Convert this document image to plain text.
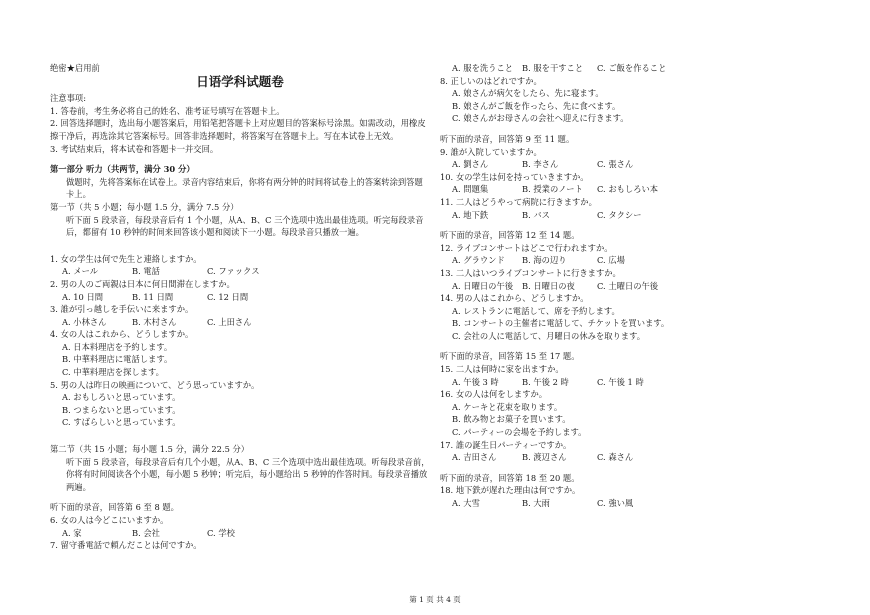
绝密★启用前
日语学科试题卷
注意事项:
1. 答卷前，考生务必将自己的姓名、准考证号填写在答题卡上。
2. 回答选择题时，选出每小题答案后，用铅笔把答题卡上对应题目的答案标号涂黑。如需改动，用橡皮擦干净后，再选涂其它答案标号。回答非选择题时，将答案写在答题卡上。写在本试卷上无效。
3. 考试结束后，将本试卷和答题卡一并交回。
第一部分 听力（共两节，满分 30 分）
做题时，先将答案标在试卷上。录音内容结束后，你将有两分钟的时间将试卷上的答案转涂到答题卡上。
第一节（共 5 小题；每小题 1.5 分，满分 7.5 分）
听下面 5 段录音，每段录音后有 1 个小题，从A、B、C 三个选项中选出最佳选项。听完每段录音后，都留有 10 秒钟的时间来回答该小题和阅读下一小题。每段录音只播放一遍。
1. 女の学生は何で先生と連絡しますか。
A. メール	B. 電話	C. ファックス
2. 男の人のご両親は日本に何日間滞在しますか。
A. 10 日間	B. 11 日間	C. 12 日間
3. 誰が引っ越しを手伝いに来ますか。
A. 小林さん	B. 木村さん	C. 上田さん
4. 女の人はこれから、どうしますか。
A. 日本料理店を予約します。
B. 中華料理店に電話します。
C. 中華料理店を探します。
5. 男の人は昨日の映画について、どう思っていますか。
A. おもしろいと思っています。
B. つまらないと思っています。
C. すばらしいと思っています。
第二节（共 15 小题；每小题 1.5 分，满分 22.5 分）
听下面 5 段录音，每段录音后有几个小题，从A、B、C 三个选项中选出最佳选项。听每段录音前，你将有时间阅读各个小题，每小题 5 秒钟；听完后，每小题给出 5 秒钟的作答时间。每段录音播放两遍。
听下面的录音，回答第 6 至 8 题。
6. 女の人は今どこにいますか。
A. 家	B. 会社	C. 学校
7. 留守番電話で頼んだことは何ですか。
A. 服を洗うこと	B. 服を干すこと	C. ご飯を作ること
8. 正しいのはどれですか。
A. 娘さんが病欠をしたら、先に寝ます。
B. 娘さんがご飯を作ったら、先に食べます。
C. 娘さんがお母さんの会社へ迎えに行きます。
听下面的录音，回答第 9 至 11 题。
9. 誰が入院していますか。
A. 劉さん	B. 李さん	C. 張さん
10. 女の学生は何を持っていきますか。
A. 問題集	B. 授業のノート	C. おもしろい本
11. 二人はどうやって病院に行きますか。
A. 地下鉄	B. バス	C. タクシー
听下面的录音，回答第 12 至 14 题。
12. ライブコンサートはどこで行われますか。
A. グラウンド	B. 海の辺り	C. 広場
13. 二人はいつライブコンサートに行きますか。
A. 日曜日の午後	B. 日曜日の夜	C. 土曜日の午後
14. 男の人はこれから、どうしますか。
A. レストランに電話して、席を予約します。
B. コンサートの主催者に電話して、チケットを買います。
C. 会社の人に電話して、月曜日の休みを取ります。
听下面的录音，回答第 15 至 17 题。
15. 二人は何時に家を出ますか。
A. 午後 3 時	B. 午後 2 時	C. 午後 1 時
16. 女の人は何をしますか。
A. ケーキと花束を取ります。
B. 飲み物とお菓子を買います。
C. パーティーの会場を予約します。
17. 誰の誕生日パーティーですか。
A. 吉田さん	B. 渡辺さん	C. 森さん
听下面的录音，回答第 18 至 20 题。
18. 地下鉄が遅れた理由は何ですか。
A. 大雪	B. 大雨	C. 強い風
第 1 页 共 4 页
